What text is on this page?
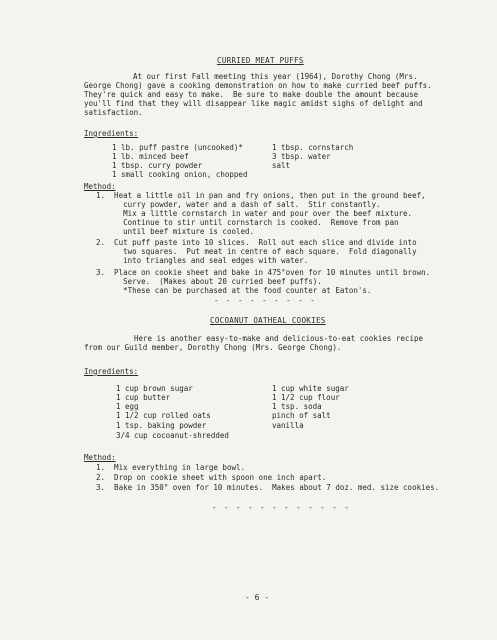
CURRIED MEAT PUFFS
At our first Fall meeting this year (1964), Dorothy Chong (Mrs.
George Chong) gave a cooking demonstration on how to make curried beef puffs.
They're quick and easy to make.  Be sure to make double the amount because
you'll find that they will disappear like magic amidst sighs of delight and
satisfaction.
Ingredients:
1 lb. puff pastre (uncooked)*
1 lb. minced beef
1 tbsp. curry powder
1 small cooking onion, chopped
1 tbsp. cornstarch
3 tbsp. water
salt
Method:
1.  Heat a little oil in pan and fry onions, then put in the ground beef,
curry powder, water and a dash of salt.  Stir constantly.
Mix a little cornstarch in water and pour over the beef mixture.
Continue to stir until cornstarch is cooked.  Remove from pan
until beef mixture is cooled.
2.  Cut puff paste into 10 slices.  Roll out each slice and divide into
two squares.  Put meat in centre of each square.  Fold diagonally
into triangles and seal edges with water.
3.  Place on cookie sheet and bake in 475°oven for 10 minutes until brown.
Serve.  (Makes about 20 curried beef puffs).
*These can be purchased at the food counter at Eaton's.
- - - - - - - - -
COCOANUT OATHEAL COOKIES
Here is another easy-to-make and delicious-to-eat cookies recipe
from our Guild member, Dorothy Chong (Mrs. George Chong).
Ingredients:
1 cup brown sugar
1 cup butter
1 egg
1 1/2 cup rolled oats
1 tsp. baking powder
3/4 cup cocoanut-shredded
1 cup white sugar
1 1/2 cup flour
1 tsp. soda
pinch of salt
vanilla
Method:
1.  Mix everything in large bowl.
2.  Drop on cookie sheet with spoon one inch apart.
3.  Bake in 350° oven for 10 minutes.  Makes about 7 doz. med. size cookies.
- - - - - - - - - - - -
- 6 -
